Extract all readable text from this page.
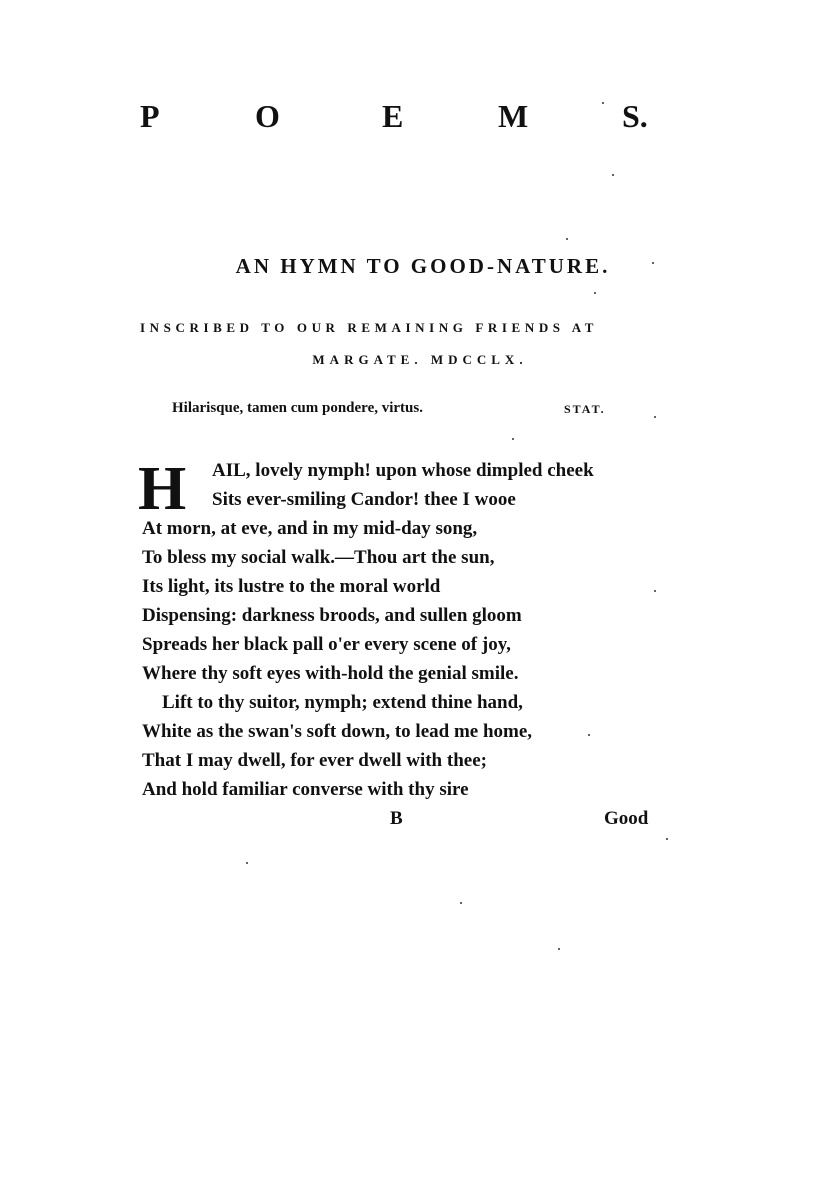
P	O	E	M	S.
AN HYMN TO GOOD-NATURE.
INSCRIBED TO OUR REMAINING FRIENDS AT
MARGATE. MDCCLX.
Hilarisque, tamen cum pondere, virtus.	STAT.
H	AIL, lovely nymph! upon whose dimpled cheek
Sits ever-smiling Candor! thee I wooe
At morn, at eve, and in my mid-day song,
To bless my social walk.—Thou art the sun,
Its light, its lustre to the moral world
Dispensing: darkness broods, and sullen gloom
Spreads her black pall o'er every scene of joy,
Where thy soft eyes with-hold the genial smile.
Lift to thy suitor, nymph; extend thine hand,
White as the swan's soft down, to lead me home,
That I may dwell, for ever dwell with thee;
And hold familiar converse with thy sire
B	Good
